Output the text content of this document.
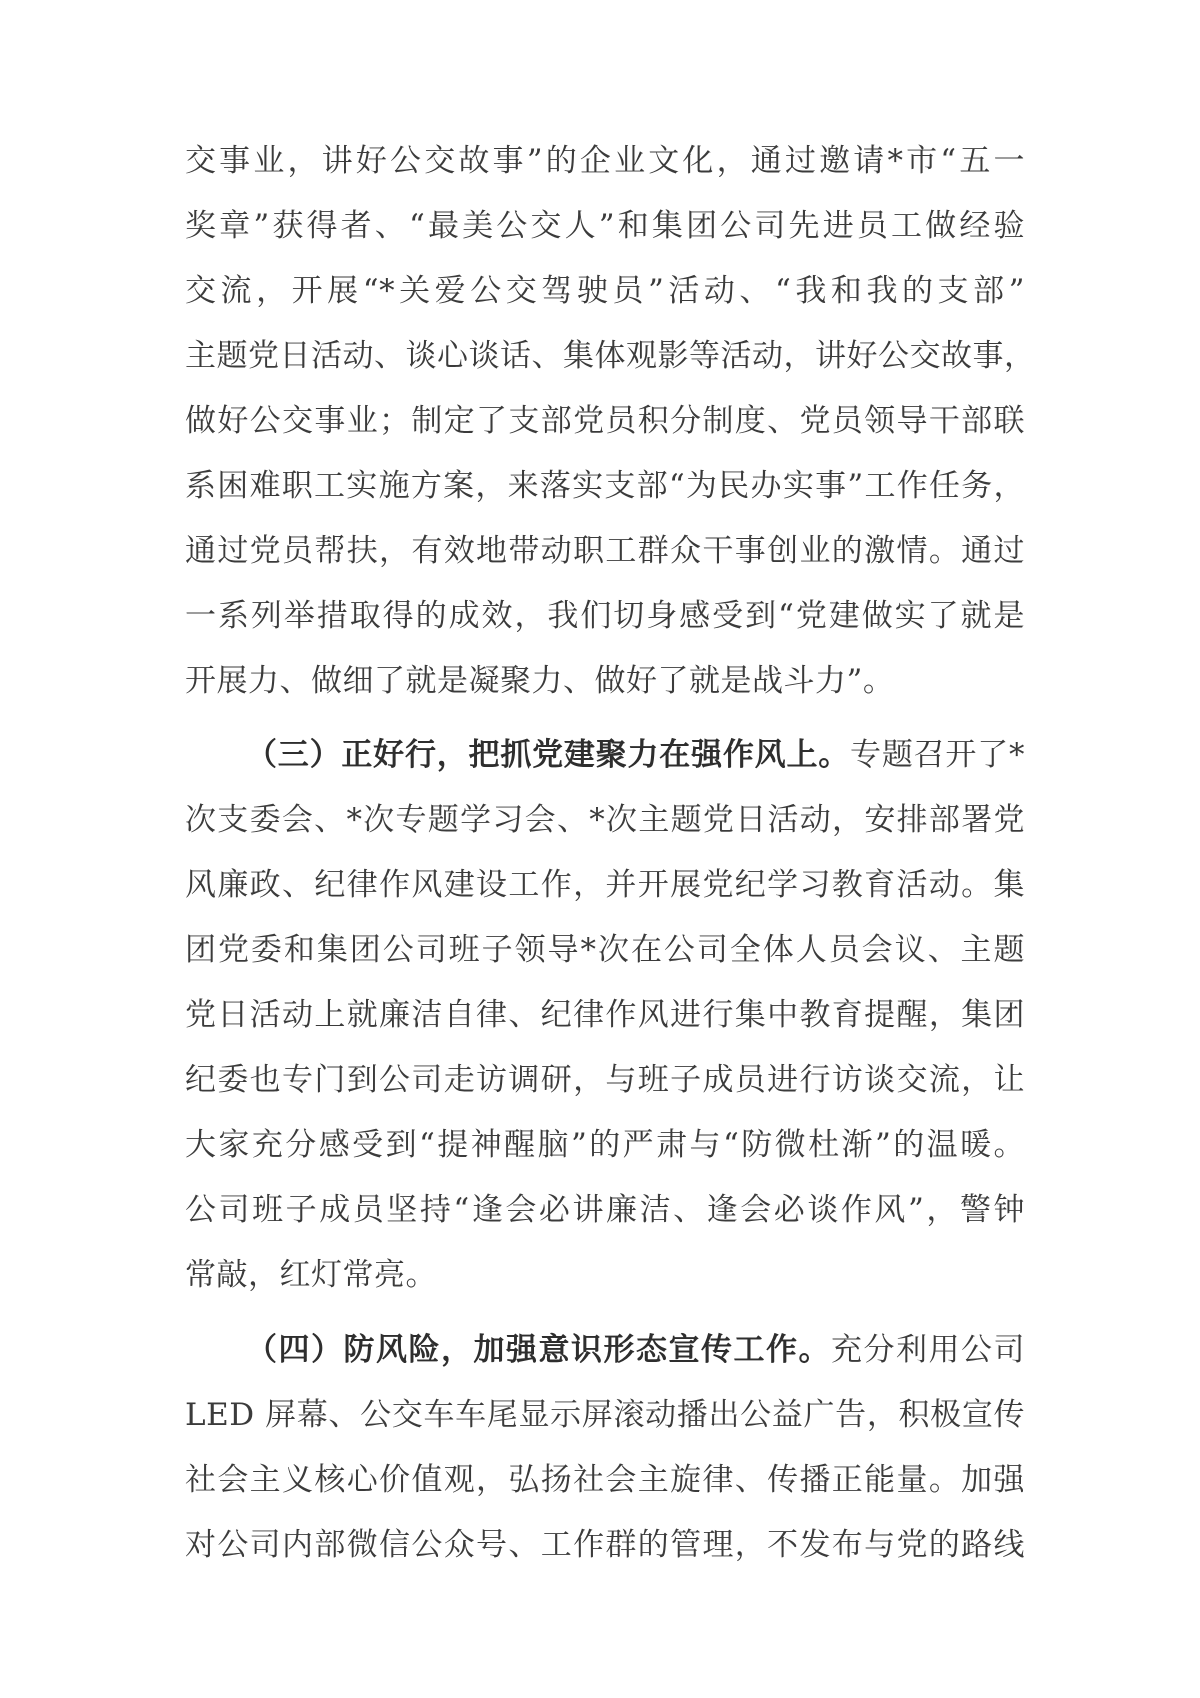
交事业，讲好公交故事”的企业文化，通过邀请*市“五一
奖章”获得者、“最美公交人”和集团公司先进员工做经验
交流，开展“*关爱公交驾驶员”活动、“我和我的支部”
主题党日活动、谈心谈话、集体观影等活动，讲好公交故事，
做好公交事业；制定了支部党员积分制度、党员领导干部联
系困难职工实施方案，来落实支部“为民办实事”工作任务，
通过党员帮扶，有效地带动职工群众干事创业的激情。通过
一系列举措取得的成效，我们切身感受到“党建做实了就是
开展力、做细了就是凝聚力、做好了就是战斗力”。
（三）正好行，把抓党建聚力在强作风上。专题召开了*
次支委会、*次专题学习会、*次主题党日活动，安排部署党
风廉政、纪律作风建设工作，并开展党纪学习教育活动。集
团党委和集团公司班子领导*次在公司全体人员会议、主题
党日活动上就廉洁自律、纪律作风进行集中教育提醒，集团
纪委也专门到公司走访调研，与班子成员进行访谈交流，让
大家充分感受到“提神醒脑”的严肃与“防微杜渐”的温暖。
公司班子成员坚持“逢会必讲廉洁、逢会必谈作风”，警钟
常敲，红灯常亮。
（四）防风险，加强意识形态宣传工作。充分利用公司
LED 屏幕、公交车车尾显示屏滚动播出公益广告，积极宣传
社会主义核心价值观，弘扬社会主旋律、传播正能量。加强
对公司内部微信公众号、工作群的管理，不发布与党的路线
